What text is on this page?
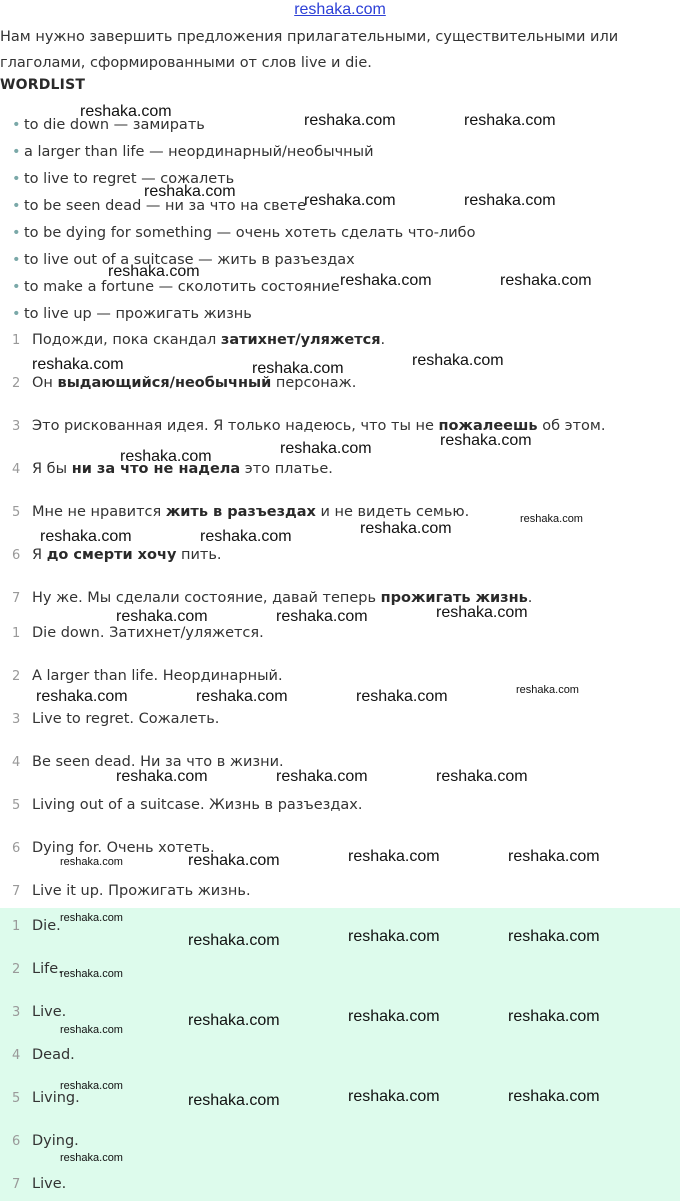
reshaka.com
Нам нужно завершить предложения прилагательными, существительными или глаголами, сформированными от слов live и die.
WORDLIST
• to die down — замирать
• a larger than life — неординарный/необычный
• to live to regret — сожалеть
• to be seen dead — ни за что на свете
• to be dying for something — очень хотеть сделать что-либо
• to live out of a suitcase — жить в разъездах
• to make a fortune — сколотить состояние
• to live up — прожигать жизнь
1 Подожди, пока скандал затихнет/уляжется.
2 Он выдающийся/необычный персонаж.
3 Это рискованная идея. Я только надеюсь, что ты не пожалеешь об этом.
4 Я бы ни за что не надела это платье.
5 Мне не нравится жить в разъездах и не видеть семью.
6 Я до смерти хочу пить.
7 Ну же. Мы сделали состояние, давай теперь прожигать жизнь.
1 Die down. Затихнет/уляжется.
2 A larger than life. Неординарный.
3 Live to regret. Сожалеть.
4 Be seen dead. Ни за что в жизни.
5 Living out of a suitcase. Жизнь в разъездах.
6 Dying for. Очень хотеть.
7 Live it up. Прожигать жизнь.
1 Die.
2 Life.
3 Live.
4 Dead.
5 Living.
6 Dying.
7 Live.
reshaka.com
reshaka.com	reshaka.com
reshaka.com
reshaka.com	reshaka.com
reshaka.com
reshaka.com	reshaka.com
reshaka.com	reshaka.com	reshaka.com
reshaka.com	reshaka.com	reshaka.com
reshaka.com
reshaka.com	reshaka.com	reshaka.com
reshaka.com	reshaka.com	reshaka.com
reshaka.com	reshaka.com	reshaka.com	reshaka.com
reshaka.com	reshaka.com	reshaka.com
reshaka.com	reshaka.com	reshaka.com	reshaka.com
reshaka.com
reshaka.com	reshaka.com	reshaka.com
reshaka.com
reshaka.com
reshaka.com	reshaka.com	reshaka.com
reshaka.com
reshaka.com	reshaka.com	reshaka.com
reshaka.com
